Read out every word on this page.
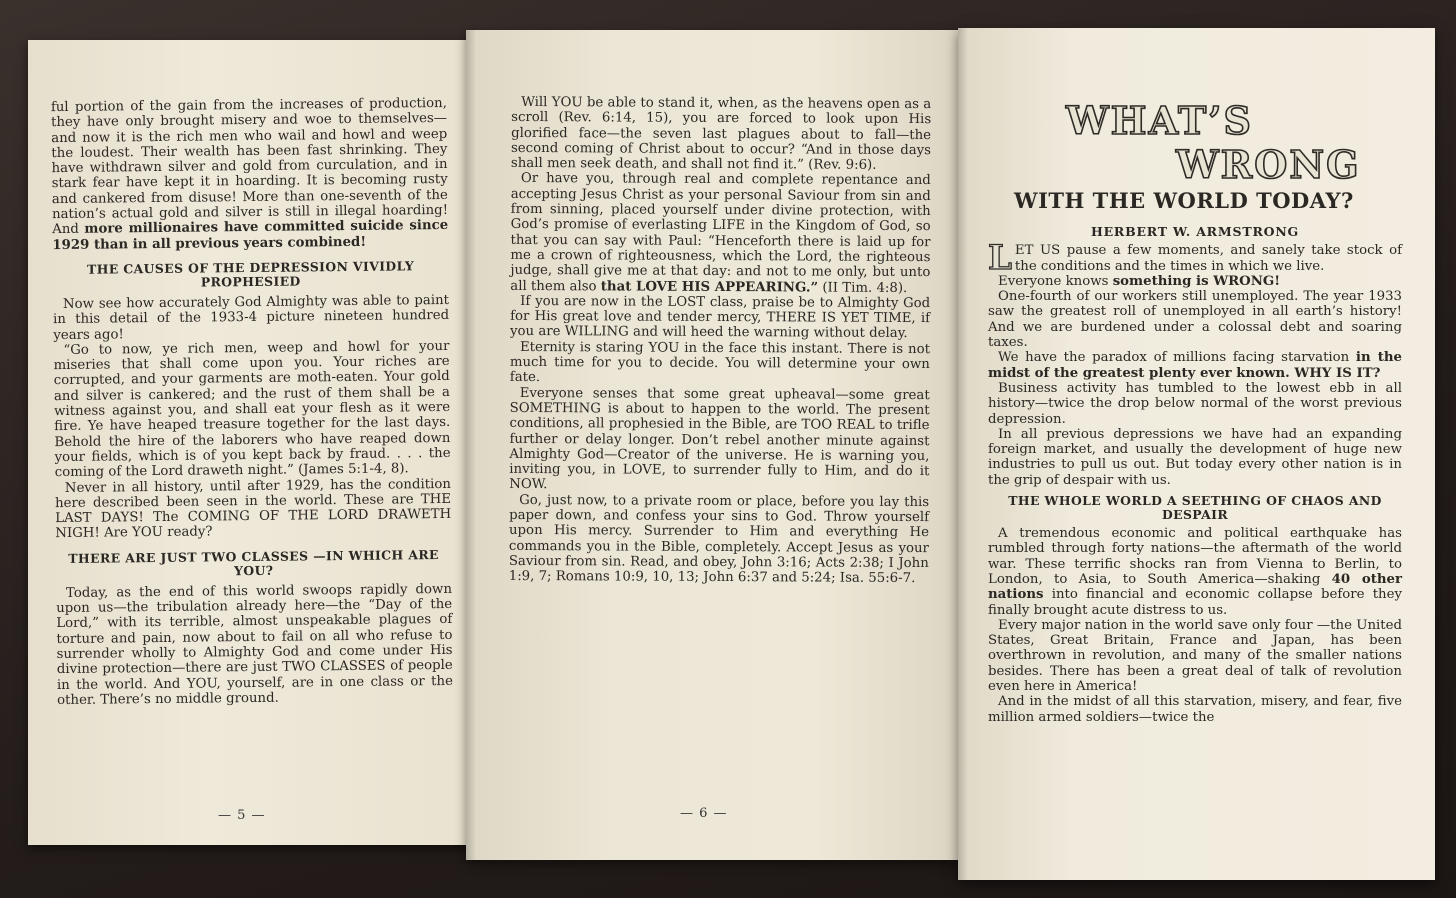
ful portion of the gain from the increases of production, they have only brought misery and woe to themselves—and now it is the rich men who wail and howl and weep the loudest. Their wealth has been fast shrinking. They have withdrawn silver and gold from curculation, and in stark fear have kept it in hoarding. It is becoming rusty and cankered from disuse! More than one-seventh of the nation’s actual gold and silver is still in illegal hoarding! And more millionaires have committed suicide since 1929 than in all previous years combined!

THE CAUSES OF THE DEPRESSION VIVIDLY PROPHESIED

Now see how accurately God Almighty was able to paint in this detail of the 1933-4 picture nineteen hundred years ago!

“Go to now, ye rich men, weep and howl for your miseries that shall come upon you. Your riches are corrupted, and your garments are moth-eaten. Your gold and silver is cankered; and the rust of them shall be a witness against you, and shall eat your flesh as it were fire. Ye have heaped treasure together for the last days. Behold the hire of the laborers who have reaped down your fields, which is of you kept back by fraud. . . . the coming of the Lord draweth night.” (James 5:1-4, 8).

Never in all history, until after 1929, has the condition here described been seen in the world. These are THE LAST DAYS! The COMING OF THE LORD DRAWETH NIGH! Are YOU ready?

THERE ARE JUST TWO CLASSES —IN WHICH ARE YOU?

Today, as the end of this world swoops rapidly down upon us—the tribulation already here—the “Day of the Lord,” with its terrible, almost unspeakable plagues of torture and pain, now about to fail on all who refuse to surrender wholly to Almighty God and come under His divine protection—there are just TWO CLASSES of people in the world. And YOU, yourself, are in one class or the other. There’s no middle ground.

— 5 —

Will YOU be able to stand it, when, as the heavens open as a scroll (Rev. 6:14, 15), you are forced to look upon His glorified face—the seven last plagues about to fall—the second coming of Christ about to occur? “And in those days shall men seek death, and shall not find it.” (Rev. 9:6).

Or have you, through real and complete repentance and accepting Jesus Christ as your personal Saviour from sin and from sinning, placed yourself under divine protection, with God’s promise of everlasting LIFE in the Kingdom of God, so that you can say with Paul: “Henceforth there is laid up for me a crown of righteousness, which the Lord, the righteous judge, shall give me at that day: and not to me only, but unto all them also that LOVE HIS APPEARING.” (II Tim. 4:8).

If you are now in the LOST class, praise be to Almighty God for His great love and tender mercy, THERE IS YET TIME, if you are WILLING and will heed the warning without delay.

Eternity is staring YOU in the face this instant. There is not much time for you to decide. You will determine your own fate.

Everyone senses that some great upheaval—some great SOMETHING is about to happen to the world. The present conditions, all prophesied in the Bible, are TOO REAL to trifle further or delay longer. Don’t rebel another minute against Almighty God—Creator of the universe. He is warning you, inviting you, in LOVE, to surrender fully to Him, and do it NOW.

Go, just now, to a private room or place, before you lay this paper down, and confess your sins to God. Throw yourself upon His mercy. Surrender to Him and everything He commands you in the Bible, completely. Accept Jesus as your Saviour from sin. Read, and obey, John 3:16; Acts 2:38; I John 1:9, 7; Romans 10:9, 10, 13; John 6:37 and 5:24; Isa. 55:6-7.

— 6 —
WHAT’S
WRONG
WITH THE WORLD TODAY?
HERBERT W. ARMSTRONG

LET US pause a few moments, and sanely take stock of the conditions and the times in which we live.

Everyone knows something is WRONG!

One-fourth of our workers still unemployed. The year 1933 saw the greatest roll of unemployed in all earth’s history! And we are burdened under a colossal debt and soaring taxes.

We have the paradox of millions facing starvation in the midst of the greatest plenty ever known. WHY IS IT?

Business activity has tumbled to the lowest ebb in all history—twice the drop below normal of the worst previous depression.

In all previous depressions we have had an expanding foreign market, and usually the development of huge new industries to pull us out. But today every other nation is in the grip of despair with us.

THE WHOLE WORLD A SEETHING OF CHAOS AND DESPAIR

A tremendous economic and political earthquake has rumbled through forty nations—the aftermath of the world war. These terrific shocks ran from Vienna to Berlin, to London, to Asia, to South America—shaking 40 other nations into financial and economic collapse before they finally brought acute distress to us.

Every major nation in the world save only four —the United States, Great Britain, France and Japan, has been overthrown in revolution, and many of the smaller nations besides. There has been a great deal of talk of revolution even here in America!

And in the midst of all this starvation, misery, and fear, five million armed soldiers—twice the
